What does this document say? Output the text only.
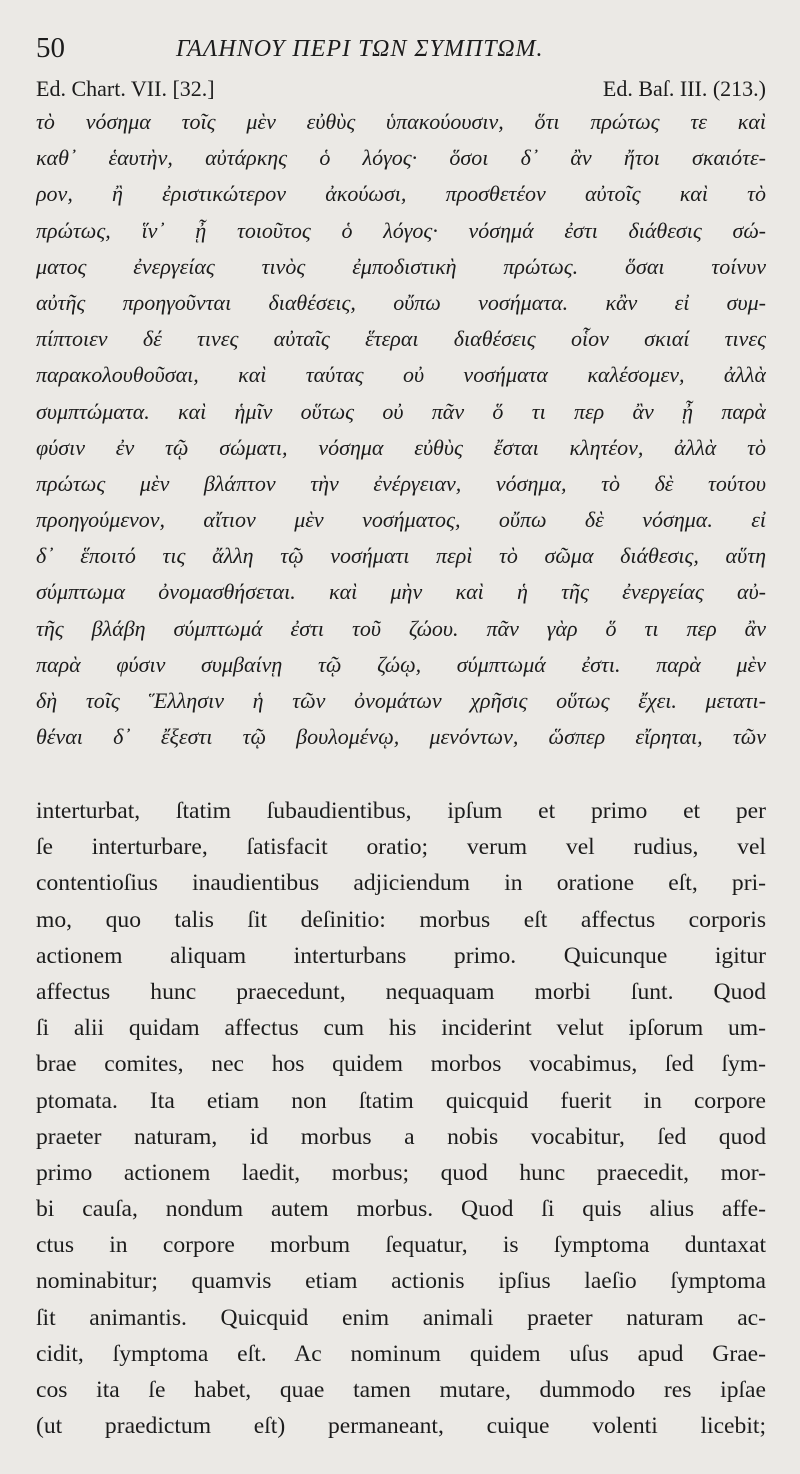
50	ΓΑΛΗΝΟΥ ΠΕΡΙ ΤΩΝ ΣΥΜΠΤΩΜ.
Ed. Chart. VII. [32.]	Ed. Baſ. III. (213.)
τὸ νόσημα τοῖς μὲν εὐθὺς ὑπακούουσιν, ὅτι πρώτως τε καὶ
καθ᾽ ἑαυτὴν, αὐτάρκης ὁ λόγος· ὅσοι δ᾽ ἂν ἤτοι σκαιότε-
ρον, ἢ ἐριστικώτερον ἀκούωσι, προσθετέον αὐτοῖς καὶ τὸ
πρώτως, ἵν᾽ ᾖ τοιοῦτος ὁ λόγος· νόσημά ἐστι διάθεσις σώ-
ματος ἐνεργείας τινὸς ἐμποδιστικὴ πρώτως. ὅσαι τοίνυν
αὐτῆς προηγοῦνται διαθέσεις, οὔπω νοσήματα. κἂν εἰ συμ-
πίπτοιεν δέ τινες αὐταῖς ἕτεραι διαθέσεις οἷον σκιαί τινες
παρακολουθοῦσαι, καὶ ταύτας οὐ νοσήματα καλέσομεν, ἀλλὰ
συμπτώματα. καὶ ἡμῖν οὕτως οὐ πᾶν ὅ τι περ ἂν ᾖ παρὰ
φύσιν ἐν τῷ σώματι, νόσημα εὐθὺς ἔσται κλητέον, ἀλλὰ τὸ
πρώτως μὲν βλάπτον τὴν ἐνέργειαν, νόσημα, τὸ δὲ τούτου
προηγούμενον, αἴτιον μὲν νοσήματος, οὔπω δὲ νόσημα. εἰ
δ᾽ ἕποιτό τις ἄλλη τῷ νοσήματι περὶ τὸ σῶμα διάθεσις, αὕτη
σύμπτωμα ὀνομασθήσεται. καὶ μὴν καὶ ἡ τῆς ἐνεργείας αὐ-
τῆς βλάβη σύμπτωμά ἐστι τοῦ ζώου. πᾶν γὰρ ὅ τι περ ἂν
παρὰ φύσιν συμβαίνῃ τῷ ζώῳ, σύμπτωμά ἐστι. παρὰ μὲν
δὴ τοῖς Ἕλλησιν ἡ τῶν ὀνομάτων χρῆσις οὕτως ἔχει. μετατι-
θέναι δ᾽ ἔξεστι τῷ βουλομένῳ, μενόντων, ὥσπερ εἴρηται, τῶν
interturbat, ſtatim ſubaudientibus, ipſum et primo et per
ſe interturbare, ſatisfacit oratio; verum vel rudius, vel
contentioſius inaudientibus adjiciendum in oratione eſt, pri-
mo, quo talis ſit deſinitio: morbus eſt affectus corporis
actionem aliquam interturbans primo. Quicunque igitur
affectus hunc praecedunt, nequaquam morbi ſunt. Quod
ſi alii quidam affectus cum his inciderint velut ipſorum um-
brae comites, nec hos quidem morbos vocabimus, ſed ſym-
ptomata. Ita etiam non ſtatim quicquid fuerit in corpore
praeter naturam, id morbus a nobis vocabitur, ſed quod
primo actionem laedit, morbus; quod hunc praecedit, mor-
bi cauſa, nondum autem morbus. Quod ſi quis alius affe-
ctus in corpore morbum ſequatur, is ſymptoma duntaxat
nominabitur; quamvis etiam actionis ipſius laeſio ſymptoma
ſit animantis. Quicquid enim animali praeter naturam ac-
cidit, ſymptoma eſt. Ac nominum quidem uſus apud Grae-
cos ita ſe habet, quae tamen mutare, dummodo res ipſae
(ut praedictum eſt) permaneant, cuique volenti licebit;
